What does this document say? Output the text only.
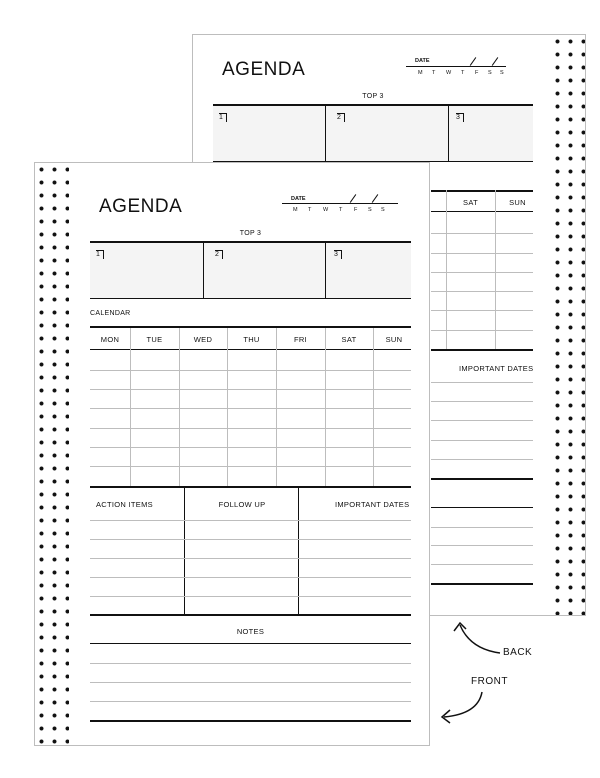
AGENDA	DATE
M T W T F S S
TOP 3
1	2	3
SAT	SUN
IMPORTANT DATES
AGENDA	DATE
M T W T F S S
TOP 3
1	2	3
CALENDAR
MON	TUE	WED	THU	FRI	SAT	SUN
ACTION ITEMS	FOLLOW UP	IMPORTANT DATES
NOTES
BACK
FRONT
